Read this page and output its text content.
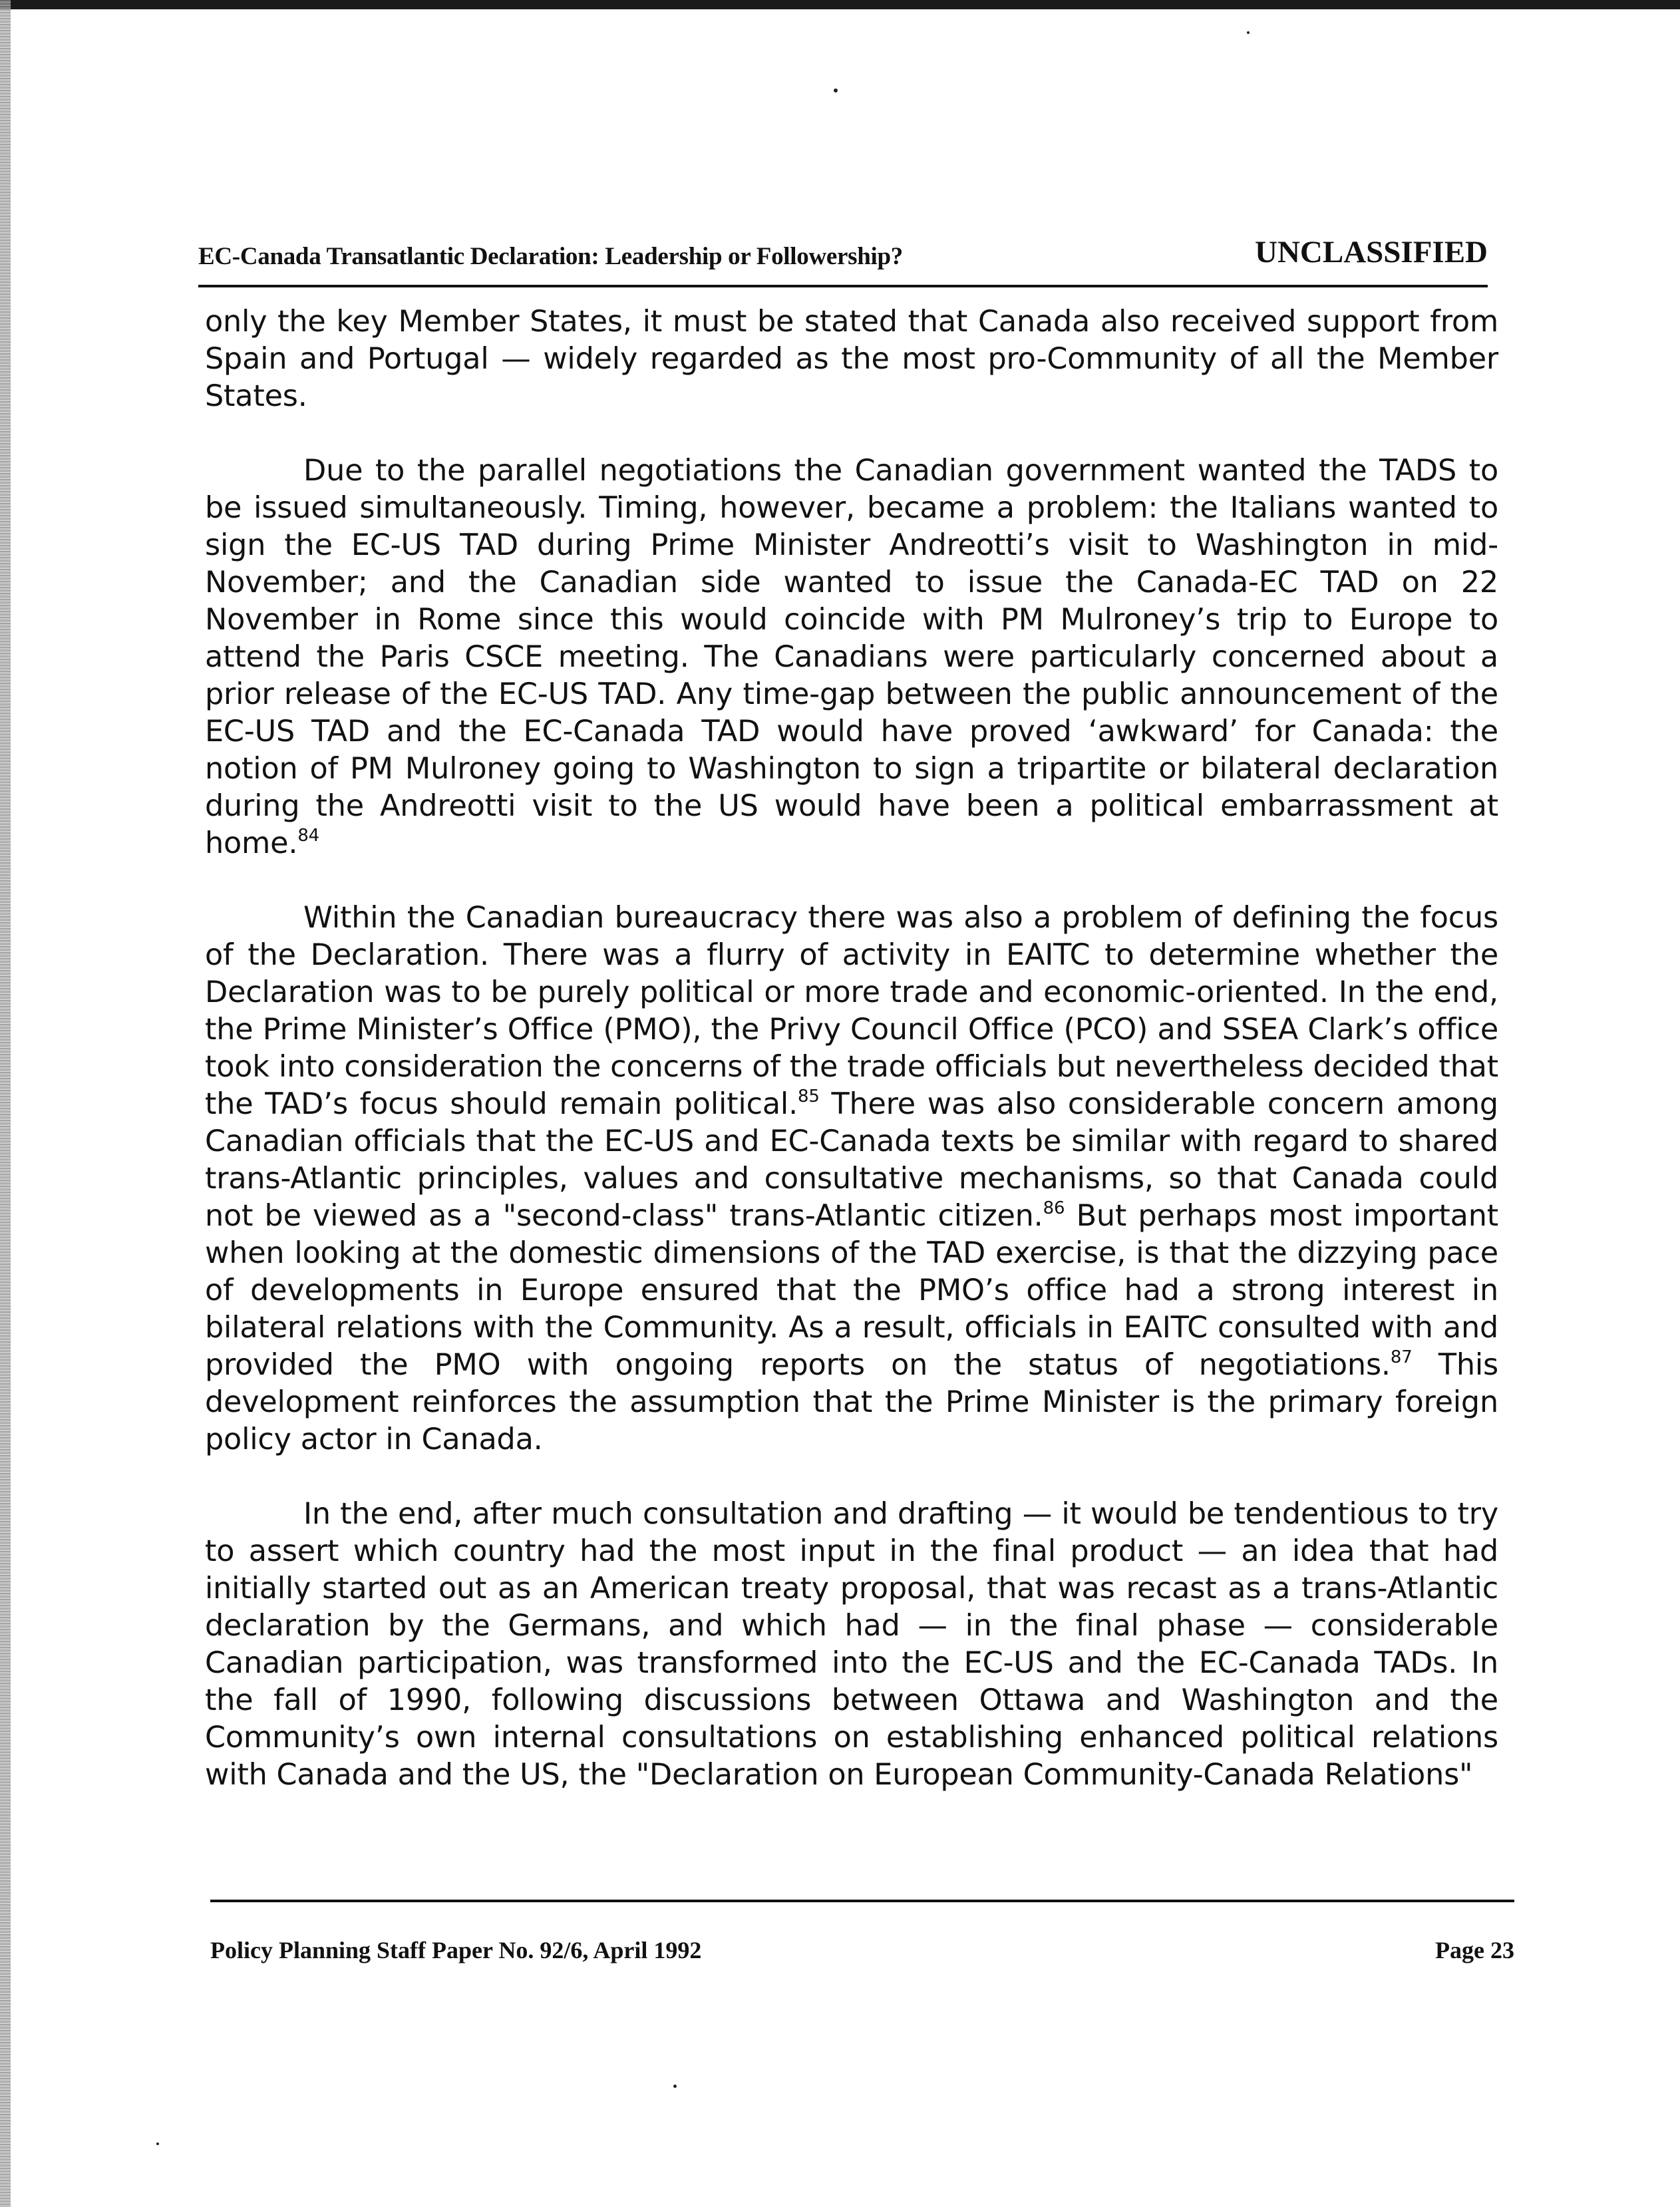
EC-Canada Transatlantic Declaration: Leadership or Followership?	UNCLASSIFIED

only the key Member States, it must be stated that Canada also received support from Spain and Portugal — widely regarded as the most pro-Community of all the Member States.

Due to the parallel negotiations the Canadian government wanted the TADS to be issued simultaneously. Timing, however, became a problem: the Italians wanted to sign the EC-US TAD during Prime Minister Andreotti’s visit to Washington in mid-November; and the Canadian side wanted to issue the Canada-EC TAD on 22 November in Rome since this would coincide with PM Mulroney’s trip to Europe to attend the Paris CSCE meeting. The Canadians were particularly concerned about a prior release of the EC-US TAD. Any time-gap between the public announcement of the EC-US TAD and the EC-Canada TAD would have proved ‘awkward’ for Canada: the notion of PM Mulroney going to Washington to sign a tripartite or bilateral declaration during the Andreotti visit to the US would have been a political embarrassment at home.$^{84}$

Within the Canadian bureaucracy there was also a problem of defining the focus of the Declaration. There was a flurry of activity in EAITC to determine whether the Declaration was to be purely political or more trade and economic-oriented. In the end, the Prime Minister’s Office (PMO), the Privy Council Office (PCO) and SSEA Clark’s office took into consideration the concerns of the trade officials but nevertheless decided that the TAD’s focus should remain political.$^{85}$ There was also considerable concern among Canadian officials that the EC-US and EC-Canada texts be similar with regard to shared trans-Atlantic principles, values and consultative mechanisms, so that Canada could not be viewed as a "second-class" trans-Atlantic citizen.$^{86}$ But perhaps most important when looking at the domestic dimensions of the TAD exercise, is that the dizzying pace of developments in Europe ensured that the PMO’s office had a strong interest in bilateral relations with the Community. As a result, officials in EAITC consulted with and provided the PMO with ongoing reports on the status of negotiations.$^{87}$ This development reinforces the assumption that the Prime Minister is the primary foreign policy actor in Canada.

In the end, after much consultation and drafting — it would be tendentious to try to assert which country had the most input in the final product — an idea that had initially started out as an American treaty proposal, that was recast as a trans-Atlantic declaration by the Germans, and which had — in the final phase — considerable Canadian participation, was transformed into the EC-US and the EC-Canada TADs. In the fall of 1990, following discussions between Ottawa and Washington and the Community’s own internal consultations on establishing enhanced political relations with Canada and the US, the "Declaration on European Community-Canada Relations"

Policy Planning Staff Paper No. 92/6, April 1992	Page 23
